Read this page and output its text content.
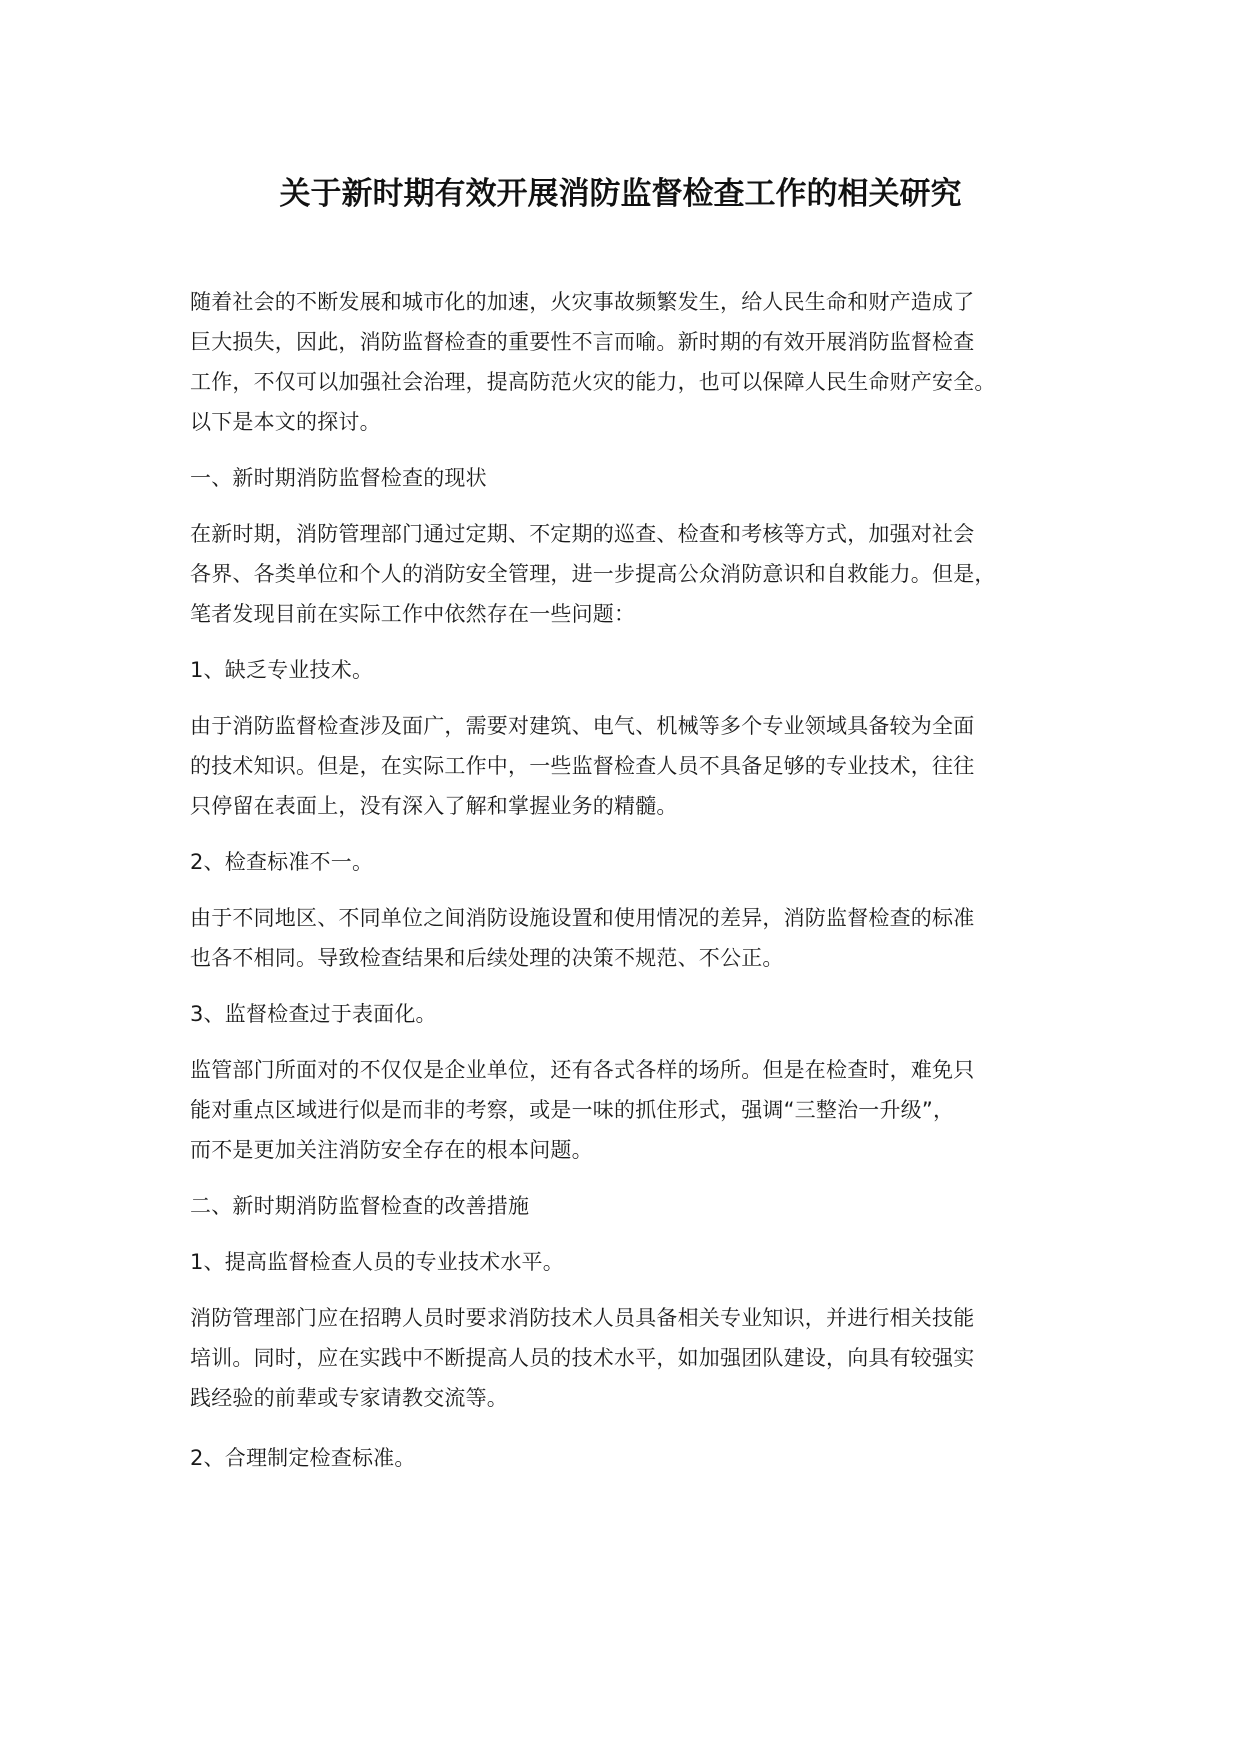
关于新时期有效开展消防监督检查工作的相关研究

随着社会的不断发展和城市化的加速，火灾事故频繁发生，给人民生命和财产造成了
巨大损失，因此，消防监督检查的重要性不言而喻。新时期的有效开展消防监督检查
工作，不仅可以加强社会治理，提高防范火灾的能力，也可以保障人民生命财产安全。
以下是本文的探讨。

一、新时期消防监督检查的现状

在新时期，消防管理部门通过定期、不定期的巡查、检查和考核等方式，加强对社会
各界、各类单位和个人的消防安全管理，进一步提高公众消防意识和自救能力。但是，
笔者发现目前在实际工作中依然存在一些问题：

1、缺乏专业技术。

由于消防监督检查涉及面广，需要对建筑、电气、机械等多个专业领域具备较为全面
的技术知识。但是，在实际工作中，一些监督检查人员不具备足够的专业技术，往往
只停留在表面上，没有深入了解和掌握业务的精髓。

2、检查标准不一。

由于不同地区、不同单位之间消防设施设置和使用情况的差异，消防监督检查的标准
也各不相同。导致检查结果和后续处理的决策不规范、不公正。

3、监督检查过于表面化。

监管部门所面对的不仅仅是企业单位，还有各式各样的场所。但是在检查时，难免只
能对重点区域进行似是而非的考察，或是一味的抓住形式，强调“三整治一升级”，
而不是更加关注消防安全存在的根本问题。

二、新时期消防监督检查的改善措施

1、提高监督检查人员的专业技术水平。

消防管理部门应在招聘人员时要求消防技术人员具备相关专业知识，并进行相关技能
培训。同时，应在实践中不断提高人员的技术水平，如加强团队建设，向具有较强实
践经验的前辈或专家请教交流等。

2、合理制定检查标准。
